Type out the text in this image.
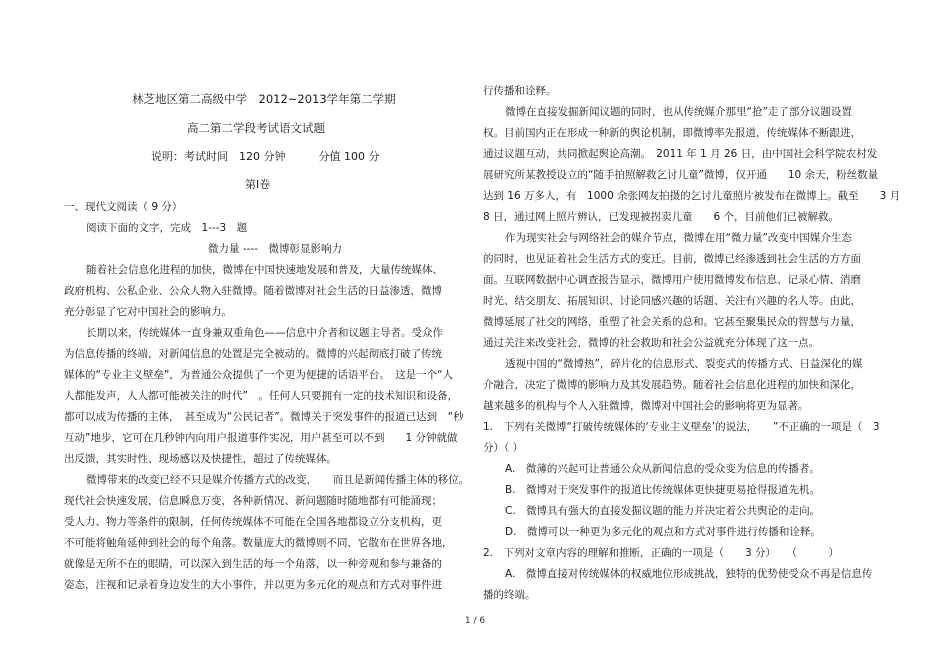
林芝地区第二高级中学　2012~2013学年第二学期
高二第二学段考试语文试题
说明：考试时间　120 分钟　　　分值 100 分
第Ⅰ卷
一、现代文阅读（ 9 分）
阅读下面的文字，完成　1---3　题
微力量 ----　微博彰显影响力
随着社会信息化进程的加快，微博在中国快速地发展和普及，大量传统媒体、
政府机构、公私企业、公众人物入驻微博。随着微博对社会生活的日益渗透，微博
充分彰显了它对中国社会的影响力。
长期以来，传统媒体一直身兼双重角色——信息中介者和议题主导者。受众作
为信息传播的终端，对新闻信息的处置是完全被动的。微博的兴起彻底打破了传统
媒体的“专业主义壁垒”，为普通公众提供了一个更为便捷的话语平台。　这是一个“人
人都能发声，人人都可能被关注的时代”　。任何人只要拥有一定的技术知识和设备，
都可以成为传播的主体，　甚至成为“公民记者”。微博关于突发事件的报道已达到　“秒
互动”地步，它可在几秒钟内向用户报道事件实况，用户甚至可以不到　　1 分钟就做
出反馈，其实时性、现场感以及快捷性，超过了传统媒体。
微博带来的改变已经不只是媒介传播方式的改变，　　而且是新闻传播主体的移位。
现代社会快速发展，信息瞬息万变，各种新情况、新问题随时随地都有可能涌现；
受人力、物力等条件的限制，任何传统媒体不可能在全国各地都设立分支机构，更
不可能将触角延伸到社会的每个角落。数量庞大的微博则不同，它散布在世界各地，
就像是无所不在的眼睛，可以深入到生活的每一个角落，以一种旁观和参与兼备的
姿态，注视和记录着身边发生的大小事件，并以更为多元化的观点和方式对事件进
行传播和诠释。
微博在直接发掘新闻议题的同时，也从传统媒介那里“抢”走了部分议题设置
权。目前国内正在形成一种新的舆论机制，即微博率先报道，传统媒体不断跟进，
通过议题互动，共同掀起舆论高潮。　2011 年 1 月 26 日，由中国社会科学院农村发
展研究所某教授设立的“随手拍照解救乞讨儿童”微博，仅开通　　10 余天，粉丝数量
达到 16 万多人，有　1000 余张网友拍摄的乞讨儿童照片被发布在微博上。截至　　3 月
8 日，通过网上照片辨认，已发现被拐卖儿童　　6 个，目前他们已被解救。
作为现实社会与网络社会的媒介节点，微博在用“微力量”改变中国媒介生态
的同时，也见证着社会生活方式的变迁。目前，微博已经渗透到社会生活的方方面
面。互联网数据中心调查报告显示，微博用户使用微博发布信息、记录心情、消磨
时光、结交朋友、拓展知识、讨论同感兴趣的话题、关注有兴趣的名人等。由此，
微博延展了社交的网络，重塑了社会关系的总和。它甚至聚集民众的智慧与力量，
通过关注来改变社会，微博的社会救助和社会公益就充分体现了这一点。
透视中国的“微博热”，碎片化的信息形式、裂变式的传播方式、日益深化的媒
介融合，决定了微博的影响力及其发展趋势。随着社会信息化进程的加快和深化，
越来越多的机构与个人入驻微博，微博对中国社会的影响将更为显著。
1.　下列有关微博“打破传统媒体的‘专业主义壁垒’的说法，　　”不正确的一项是（　3
分）（ ）
A.　微薄的兴起可让普通公众从新闻信息的受众变为信息的传播者。
B.　微博对于突发事件的报道比传统媒体更快捷更易抢得报道先机。
C.　微博具有强大的直接发掘议题的能力并决定着公共舆论的走向。
D.　微博可以一种更为多元化的观点和方式对事件进行传播和诠释。
2.　下列对文章内容的理解和推断，正确的一项是（　　3 分）　　（　　　）
A.　微博直接对传统媒体的权威地位形成挑战，独特的优势使受众不再是信息传
播的终端。
1 / 6
